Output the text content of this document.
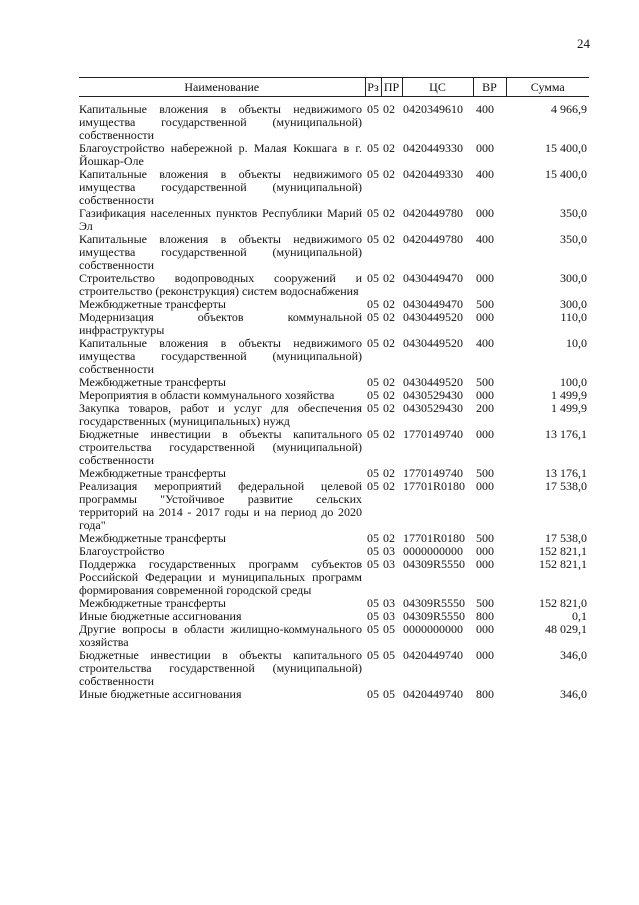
24
Наименование	Рз	ПР	ЦС	ВР	Сумма
Капитальные вложения в объекты недвижимого имущества государственной (муниципальной) собственности	05	02	0420349610	400	4 966,9
Благоустройство набережной р. Малая Кокшага в г. Йошкар-Оле	05	02	0420449330	000	15 400,0
Капитальные вложения в объекты недвижимого имущества государственной (муниципальной) собственности	05	02	0420449330	400	15 400,0
Газификация населенных пунктов Республики Марий Эл	05	02	0420449780	000	350,0
Капитальные вложения в объекты недвижимого имущества государственной (муниципальной) собственности	05	02	0420449780	400	350,0
Строительство водопроводных сооружений и строительство (реконструкция) систем водоснабжения	05	02	0430449470	000	300,0
Межбюджетные трансферты	05	02	0430449470	500	300,0
Модернизация объектов коммунальной инфраструктуры	05	02	0430449520	000	110,0
Капитальные вложения в объекты недвижимого имущества государственной (муниципальной) собственности	05	02	0430449520	400	10,0
Межбюджетные трансферты	05	02	0430449520	500	100,0
Мероприятия в области коммунального хозяйства	05	02	0430529430	000	1 499,9
Закупка товаров, работ и услуг для обеспечения государственных (муниципальных) нужд	05	02	0430529430	200	1 499,9
Бюджетные инвестиции в объекты капитального строительства государственной (муниципальной) собственности	05	02	1770149740	000	13 176,1
Межбюджетные трансферты	05	02	1770149740	500	13 176,1
Реализация мероприятий федеральной целевой программы "Устойчивое развитие сельских территорий на 2014 - 2017 годы и на период до 2020 года"	05	02	17701R0180	000	17 538,0
Межбюджетные трансферты	05	02	17701R0180	500	17 538,0
Благоустройство	05	03	0000000000	000	152 821,1
Поддержка государственных программ субъектов Российской Федерации и муниципальных программ формирования современной городской среды	05	03	04309R5550	000	152 821,1
Межбюджетные трансферты	05	03	04309R5550	500	152 821,0
Иные бюджетные ассигнования	05	03	04309R5550	800	0,1
Другие вопросы в области жилищно-коммунального хозяйства	05	05	0000000000	000	48 029,1
Бюджетные инвестиции в объекты капитального строительства государственной (муниципальной) собственности	05	05	0420449740	000	346,0
Иные бюджетные ассигнования	05	05	0420449740	800	346,0
